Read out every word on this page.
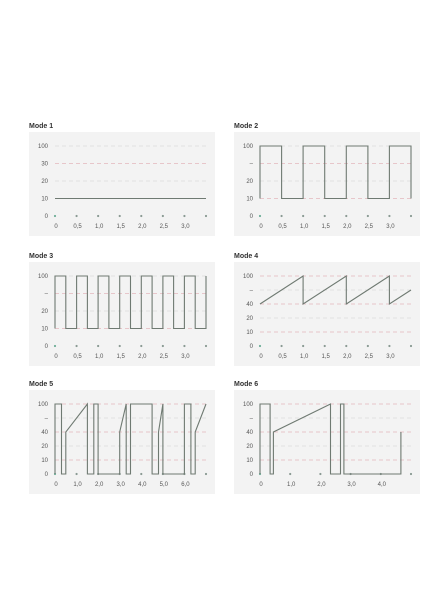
Mode 1
0
10
20
30
100
0	0,5 1,0 1,5 2,0 2,5 3,0
Mode 2
0
10
20
–
100
0	0,5 1,0 1,5 2,0 2,5 3,0
Mode 3
0
10
20
–
100
0	0,5 1,0 1,5 2,0 2,5 3,0
Mode 4
0
10
20
40
–
100
0	0,5 1,0 1,5 2,0 2,5 3,0
Mode 5
0
10
20
40
–
100
0	1,0 2,0 3,0 4,0 5,0 6,0
Mode 6
0
10
20
40
–
100
0	1,0	2,0	3,0	4,0
